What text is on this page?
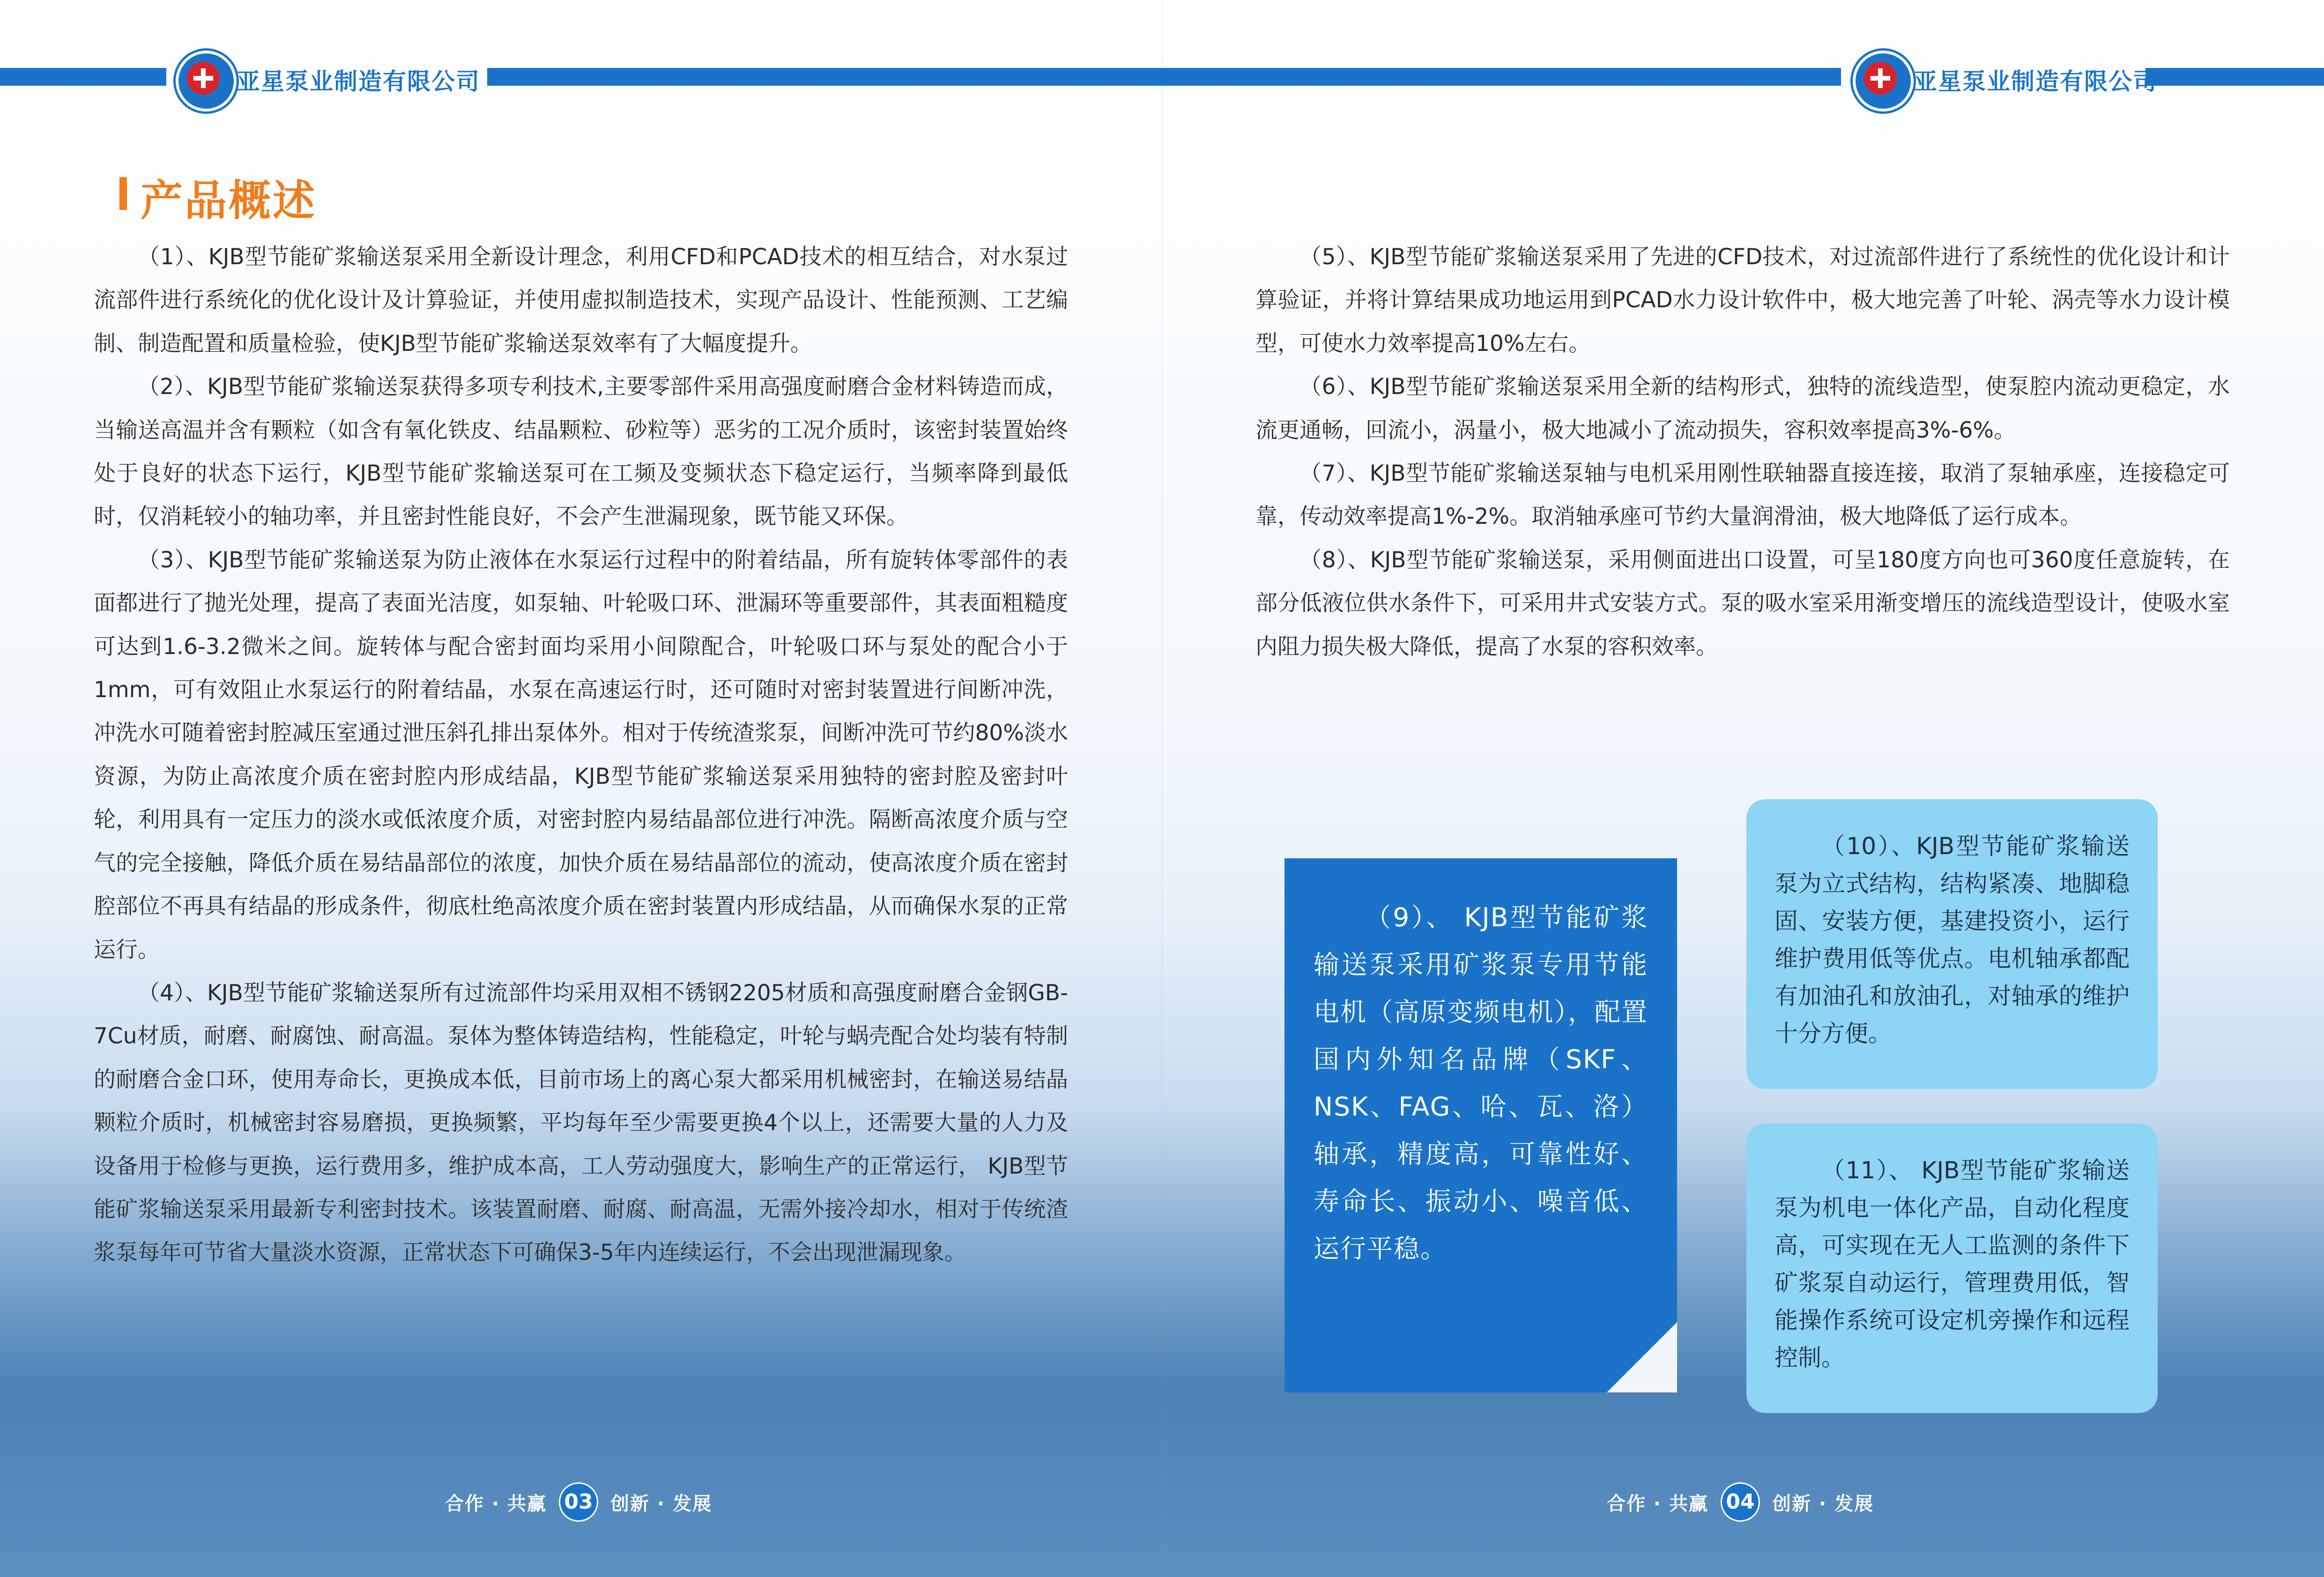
亚星泵业制造有限公司	亚星泵业制造有限公司
产品概述

（1）、KJB型节能矿浆输送泵采用全新设计理念，利用CFD和PCAD技术的相互结合，对水泵过流部件进行系统化的优化设计及计算验证，并使用虚拟制造技术，实现产品设计、性能预测、工艺编制、制造配置和质量检验，使KJB型节能矿浆输送泵效率有了大幅度提升。

（2）、KJB型节能矿浆输送泵获得多项专利技术,主要零部件采用高强度耐磨合金材料铸造而成，当输送高温并含有颗粒（如含有氧化铁皮、结晶颗粒、砂粒等）恶劣的工况介质时，该密封装置始终处于良好的状态下运行，KJB型节能矿浆输送泵可在工频及变频状态下稳定运行，当频率降到最低时，仅消耗较小的轴功率，并且密封性能良好，不会产生泄漏现象，既节能又环保。

（3）、KJB型节能矿浆输送泵为防止液体在水泵运行过程中的附着结晶，所有旋转体零部件的表面都进行了抛光处理，提高了表面光洁度，如泵轴、叶轮吸口环、泄漏环等重要部件，其表面粗糙度可达到1.6-3.2微米之间。旋转体与配合密封面均采用小间隙配合，叶轮吸口环与泵处的配合小于1mm，可有效阻止水泵运行的附着结晶，水泵在高速运行时，还可随时对密封装置进行间断冲洗，冲洗水可随着密封腔减压室通过泄压斜孔排出泵体外。相对于传统渣浆泵，间断冲洗可节约80%淡水资源，为防止高浓度介质在密封腔内形成结晶，KJB型节能矿浆输送泵采用独特的密封腔及密封叶轮，利用具有一定压力的淡水或低浓度介质，对密封腔内易结晶部位进行冲洗。隔断高浓度介质与空气的完全接触，降低介质在易结晶部位的浓度，加快介质在易结晶部位的流动，使高浓度介质在密封腔部位不再具有结晶的形成条件，彻底杜绝高浓度介质在密封装置内形成结晶，从而确保水泵的正常运行。

（4）、KJB型节能矿浆输送泵所有过流部件均采用双相不锈钢2205材质和高强度耐磨合金钢GB-7Cu材质，耐磨、耐腐蚀、耐高温。泵体为整体铸造结构，性能稳定，叶轮与蜗壳配合处均装有特制的耐磨合金口环，使用寿命长，更换成本低，目前市场上的离心泵大都采用机械密封，在输送易结晶颗粒介质时，机械密封容易磨损，更换频繁，平均每年至少需要更换4个以上，还需要大量的人力及设备用于检修与更换，运行费用多，维护成本高，工人劳动强度大，影响生产的正常运行， KJB型节能矿浆输送泵采用最新专利密封技术。该装置耐磨、耐腐、耐高温，无需外接冷却水，相对于传统渣浆泵每年可节省大量淡水资源，正常状态下可确保3-5年内连续运行，不会出现泄漏现象。

（5）、KJB型节能矿浆输送泵采用了先进的CFD技术，对过流部件进行了系统性的优化设计和计算验证，并将计算结果成功地运用到PCAD水力设计软件中，极大地完善了叶轮、涡壳等水力设计模型，可使水力效率提高10%左右。

（6）、KJB型节能矿浆输送泵采用全新的结构形式，独特的流线造型，使泵腔内流动更稳定，水流更通畅，回流小，涡量小，极大地减小了流动损失，容积效率提高3%-6%。

（7）、KJB型节能矿浆输送泵轴与电机采用刚性联轴器直接连接，取消了泵轴承座，连接稳定可靠，传动效率提高1%-2%。取消轴承座可节约大量润滑油，极大地降低了运行成本。

（8）、KJB型节能矿浆输送泵，采用侧面进出口设置，可呈180度方向也可360度任意旋转，在部分低液位供水条件下，可采用井式安装方式。泵的吸水室采用渐变增压的流线造型设计，使吸水室内阻力损失极大降低，提高了水泵的容积效率。

（9）、 KJB型节能矿浆输送泵采用矿浆泵专用节能电机（高原变频电机），配置国内外知名品牌（SKF、NSK、FAG、哈、瓦、洛）轴承，精度高，可靠性好、寿命长、振动小、噪音低、运行平稳。

（10）、KJB型节能矿浆输送泵为立式结构，结构紧凑、地脚稳固、安装方便，基建投资小，运行维护费用低等优点。电机轴承都配有加油孔和放油孔，对轴承的维护十分方便。

（11）、 KJB型节能矿浆输送泵为机电一体化产品，自动化程度高，可实现在无人工监测的条件下矿浆泵自动运行，管理费用低，智能操作系统可设定机旁操作和远程控制。

合作 · 共赢 03 创新 · 发展	合作 · 共赢 04 创新 · 发展
